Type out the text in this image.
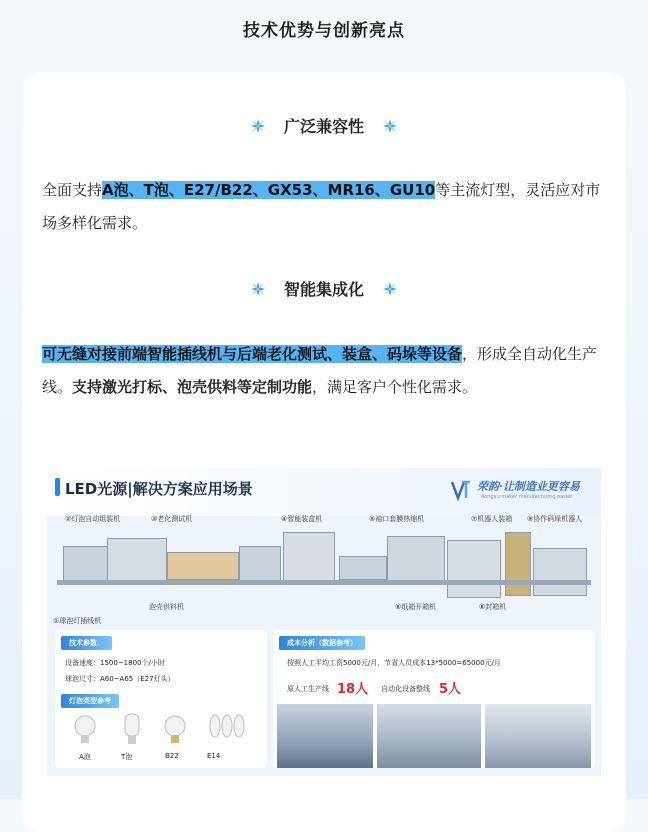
技术优势与创新亮点
广泛兼容性
全面支持A泡、T泡、E27/B22、GX53、MR16、GU10等主流灯型，灵活应对市场多样化需求。
智能集成化
可无缝对接前端智能插线机与后端老化测试、装盒、码垛等设备，形成全自动化生产线。支持激光打标、泡壳供料等定制功能，满足客户个性化需求。
LED光源|解决方案应用场景	荣韵·让制造业更容易
Rongyu maker manufacturing easier
②灯泡自动组装机	③老化测试机	④智能装盒机	⑤袖口套膜热缩机	⑦机器人装箱 ⑨协作码垛机器人
泡壳供料机
①球泡灯插线机
⑥纸箱开箱机	⑧封箱机
技术参数：
设备速度：1500~1800个/小时
球泡尺寸：A60~A65（E27灯头）
灯泡类型参考
A泡	T泡	B22	E14
成本分析（数据参考）
按照人工平均工资5000元/月，节省人员成本13*5000=65000元/月
原人工生产线 18人 自动化设备整线 5人
